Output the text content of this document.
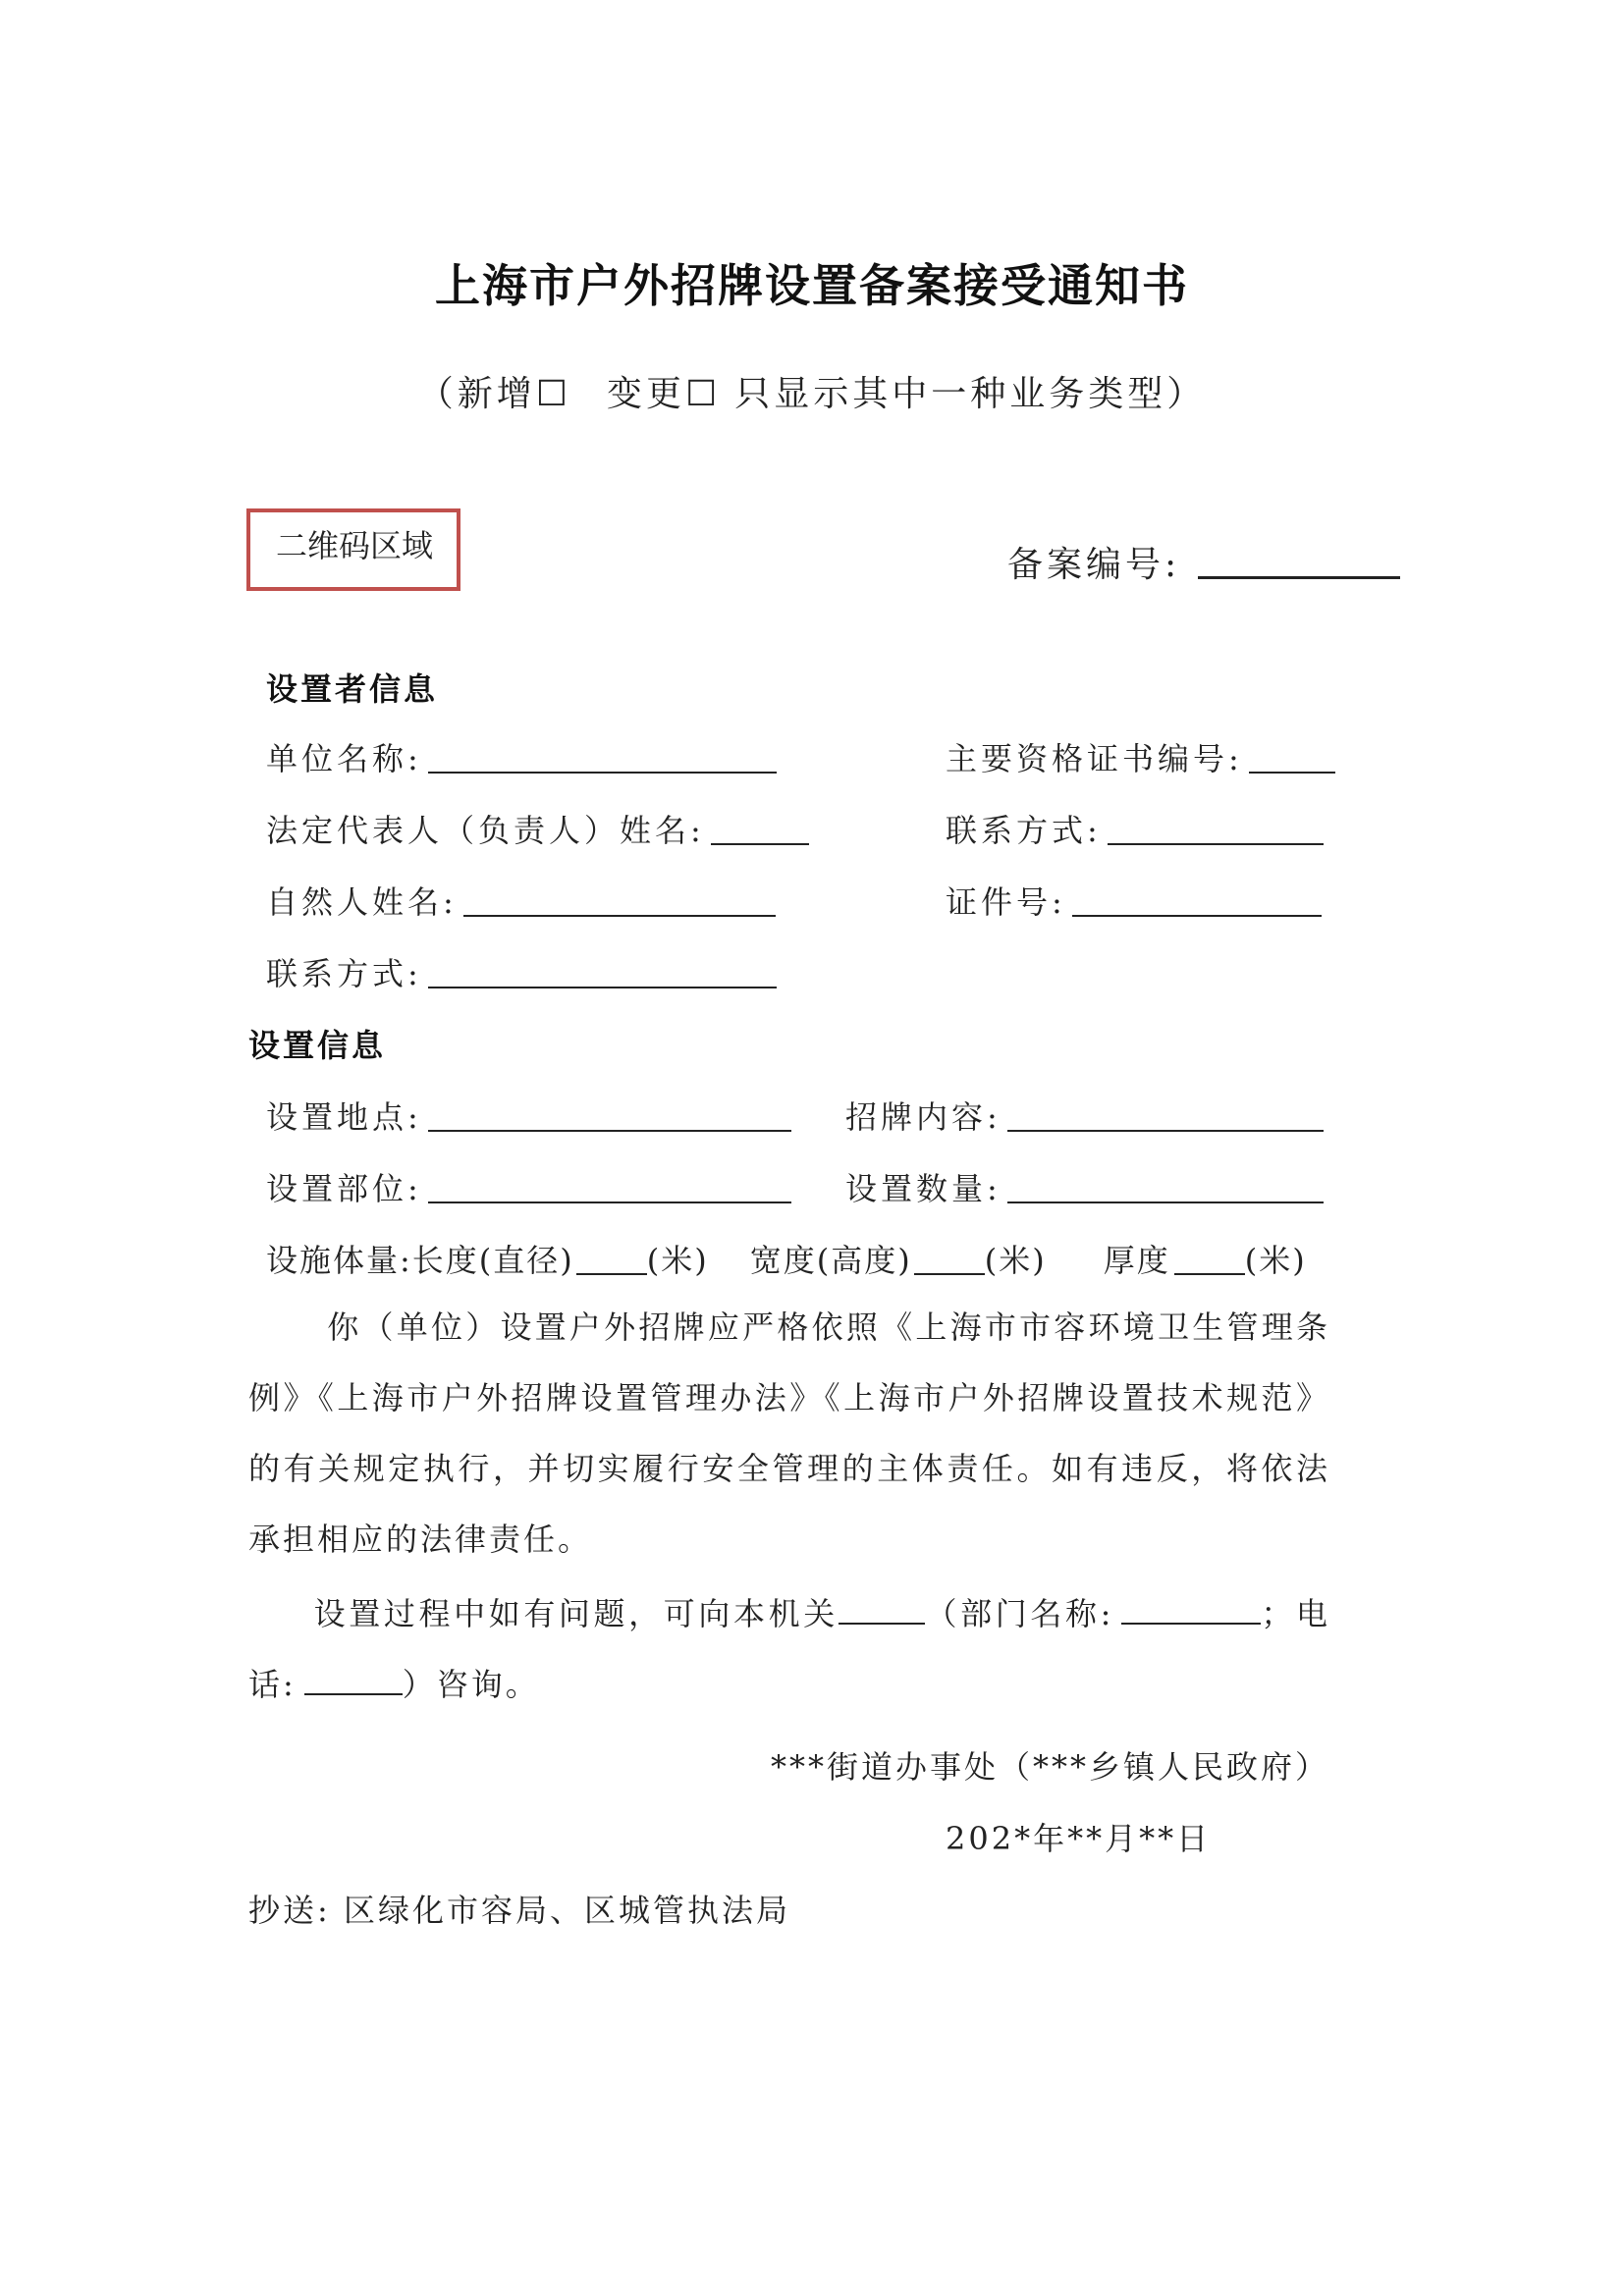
上海市户外招牌设置备案接受通知书
（新增☐ 变更☐ 只显示其中一种业务类型）
二维码区域	备案编号:
设置者信息
单位名称:	主要资格证书编号:
法定代表人（负责人）姓名:	联系方式:
自然人姓名:	证件号:
联系方式:
设置信息
设置地点:	招牌内容:
设置部位:	设置数量:
设施体量: 长度(直径) (米) 宽度(高度) (米) 厚度 (米)
你（单位）设置户外招牌应严格依照《上海市市容环境卫生管理条例》《上海市户外招牌设置管理办法》《上海市户外招牌设置技术规范》的有关规定执行，并切实履行安全管理的主体责任。如有违反，将依法承担相应的法律责任。
设置过程中如有问题，可向本机关	（部门名称:	；电话:	）咨询。
***街道办事处（***乡镇人民政府）
202*年**月**日
抄送: 区绿化市容局、区城管执法局
